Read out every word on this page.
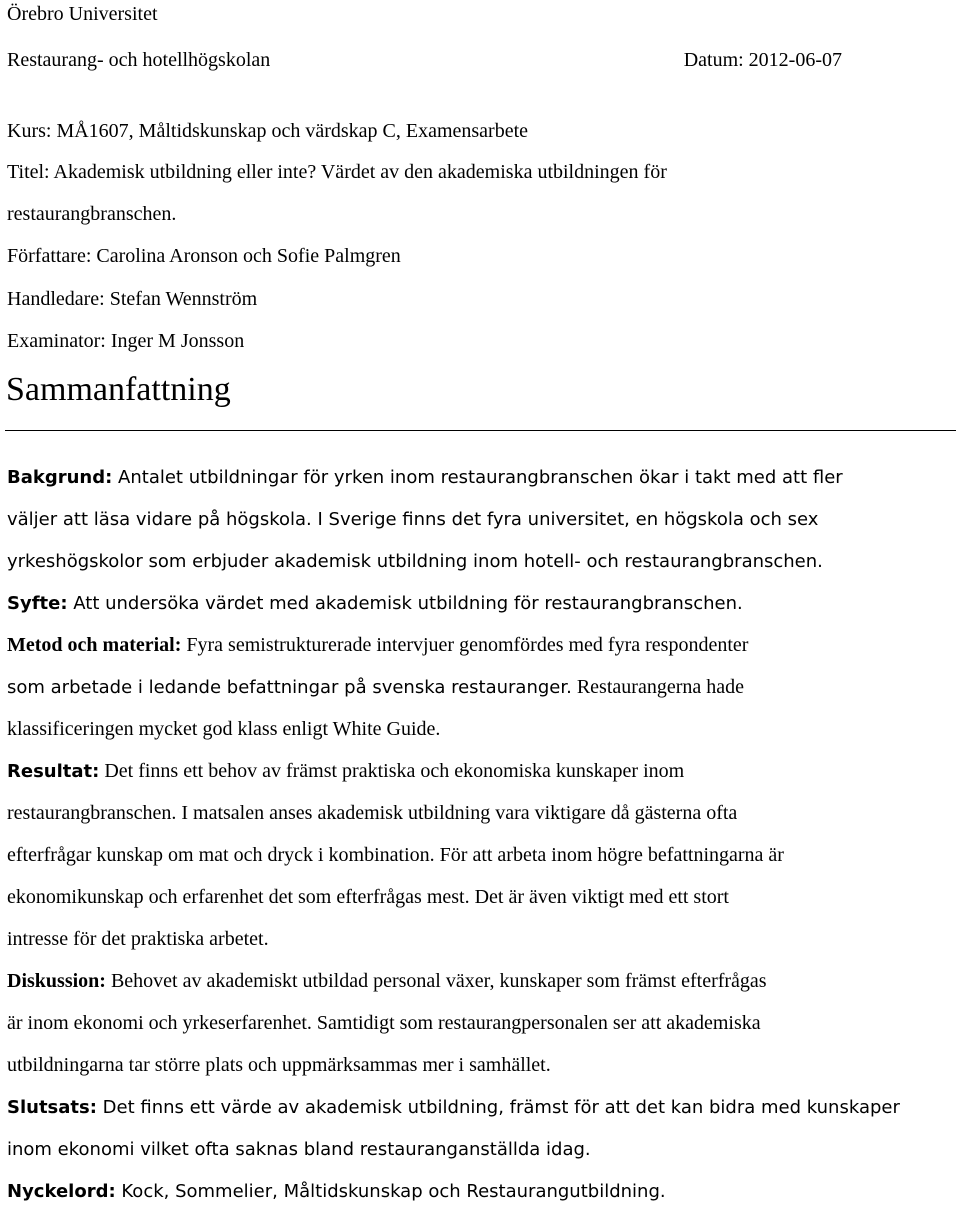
Örebro Universitet
Restaurang- och hotellhögskolan	Datum: 2012-06-07
Kurs: MÅ1607, Måltidskunskap och värdskap C, Examensarbete
Titel: Akademisk utbildning eller inte? Värdet av den akademiska utbildningen för
restaurangbranschen.
Författare: Carolina Aronson och Sofie Palmgren
Handledare: Stefan Wennström
Examinator: Inger M Jonsson
Sammanfattning
Bakgrund: Antalet utbildningar för yrken inom restaurangbranschen ökar i takt med att fler
väljer att läsa vidare på högskola. I Sverige finns det fyra universitet, en högskola och sex
yrkeshögskolor som erbjuder akademisk utbildning inom hotell- och restaurangbranschen.
Syfte: Att undersöka värdet med akademisk utbildning för restaurangbranschen.
Metod och material: Fyra semistrukturerade intervjuer genomfördes med fyra respondenter
som arbetade i ledande befattningar på svenska restauranger. Restaurangerna hade
klassificeringen mycket god klass enligt White Guide.
Resultat: Det finns ett behov av främst praktiska och ekonomiska kunskaper inom
restaurangbranschen. I matsalen anses akademisk utbildning vara viktigare då gästerna ofta
efterfrågar kunskap om mat och dryck i kombination. För att arbeta inom högre befattningarna är
ekonomikunskap och erfarenhet det som efterfrågas mest. Det är även viktigt med ett stort
intresse för det praktiska arbetet.
Diskussion: Behovet av akademiskt utbildad personal växer, kunskaper som främst efterfrågas
är inom ekonomi och yrkeserfarenhet. Samtidigt som restaurangpersonalen ser att akademiska
utbildningarna tar större plats och uppmärksammas mer i samhället.
Slutsats: Det finns ett värde av akademisk utbildning, främst för att det kan bidra med kunskaper
inom ekonomi vilket ofta saknas bland restauranganställda idag.
Nyckelord: Kock, Sommelier, Måltidskunskap och Restaurangutbildning.
